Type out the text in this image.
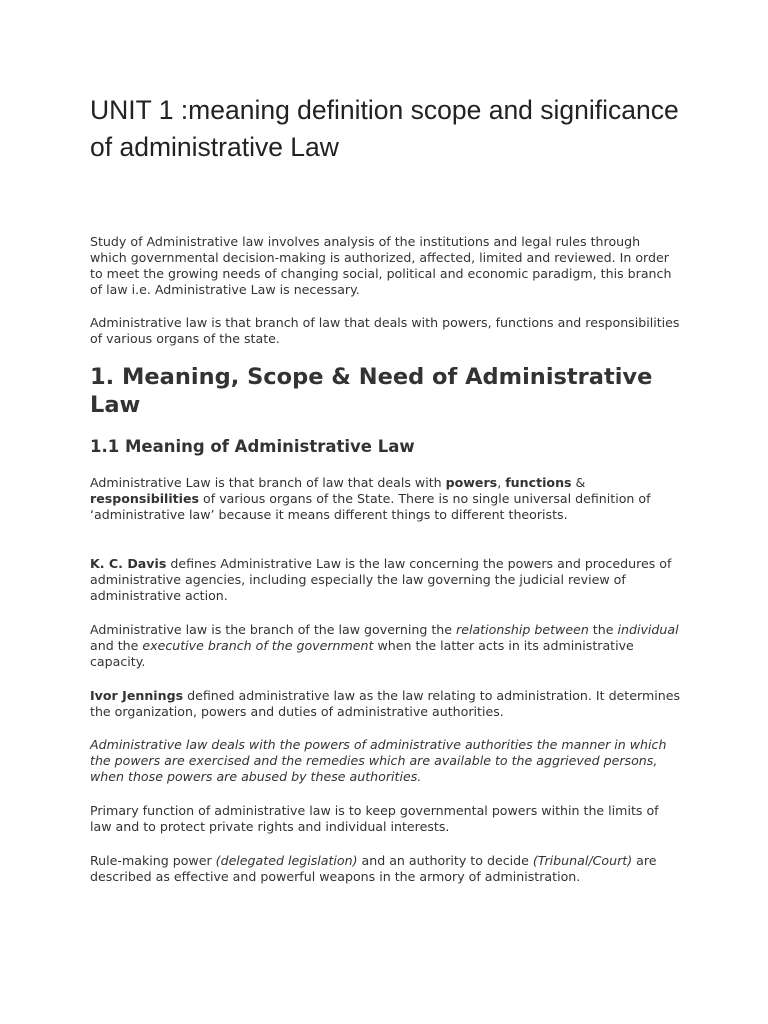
UNIT 1 :meaning definition scope and significance
of administrative Law

Study of Administrative law involves analysis of the institutions and legal rules through which governmental decision-making is authorized, affected, limited and reviewed. In order to meet the growing needs of changing social, political and economic paradigm, this branch of law i.e. Administrative Law is necessary.

Administrative law is that branch of law that deals with powers, functions and responsibilities of various organs of the state.

1. Meaning, Scope & Need of Administrative Law
1.1 Meaning of Administrative Law

Administrative Law is that branch of law that deals with powers, functions & responsibilities of various organs of the State. There is no single universal definition of ‘administrative law’ because it means different things to different theorists.

K. C. Davis defines Administrative Law is the law concerning the powers and procedures of administrative agencies, including especially the law governing the judicial review of administrative action.

Administrative law is the branch of the law governing the relationship between the individual and the executive branch of the government when the latter acts in its administrative capacity.

Ivor Jennings defined administrative law as the law relating to administration. It determines the organization, powers and duties of administrative authorities.

Administrative law deals with the powers of administrative authorities the manner in which the powers are exercised and the remedies which are available to the aggrieved persons, when those powers are abused by these authorities.

Primary function of administrative law is to keep governmental powers within the limits of law and to protect private rights and individual interests.

Rule-making power (delegated legislation) and an authority to decide (Tribunal/Court) are described as effective and powerful weapons in the armory of administration.
